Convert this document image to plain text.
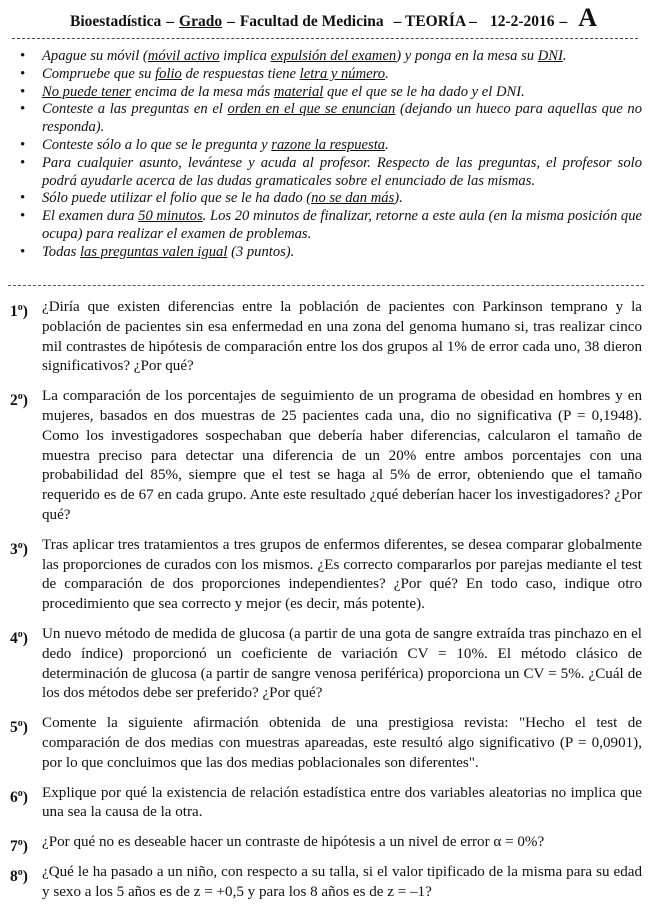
Bioestadística – Grado – Facultad de Medicina – TEORÍA – 12-2-2016 – A
• Apague su móvil (móvil activo implica expulsión del examen) y ponga en la mesa su DNI.
• Compruebe que su folio de respuestas tiene letra y número.
• No puede tener encima de la mesa más material que el que se le ha dado y el DNI.
• Conteste a las preguntas en el orden en el que se enuncian (dejando un hueco para aquellas que no responda).
• Conteste sólo a lo que se le pregunta y razone la respuesta.
• Para cualquier asunto, levántese y acuda al profesor. Respecto de las preguntas, el profesor solo podrá ayudarle acerca de las dudas gramaticales sobre el enunciado de las mismas.
• Sólo puede utilizar el folio que se le ha dado (no se dan más).
• El examen dura 50 minutos. Los 20 minutos de finalizar, retorne a este aula (en la misma posición que ocupa) para realizar el examen de problemas.
• Todas las preguntas valen igual (3 puntos).
1$^o$) ¿Diría que existen diferencias entre la población de pacientes con Parkinson temprano y la población de pacientes sin esa enfermedad en una zona del genoma humano si, tras realizar cinco mil contrastes de hipótesis de comparación entre los dos grupos al 1% de error cada uno, 38 dieron significativos? ¿Por qué?
2$^o$) La comparación de los porcentajes de seguimiento de un programa de obesidad en hombres y en mujeres, basados en dos muestras de 25 pacientes cada una, dio no significativa (P = 0,1948). Como los investigadores sospechaban que debería haber diferencias, calcularon el tamaño de muestra preciso para detectar una diferencia de un 20% entre ambos porcentajes con una probabilidad del 85%, siempre que el test se haga al 5% de error, obteniendo que el tamaño requerido es de 67 en cada grupo. Ante este resultado ¿qué deberían hacer los investigadores? ¿Por qué?
3$^o$) Tras aplicar tres tratamientos a tres grupos de enfermos diferentes, se desea comparar globalmente las proporciones de curados con los mismos. ¿Es correcto compararlos por parejas mediante el test de comparación de dos proporciones independientes? ¿Por qué? En todo caso, indique otro procedimiento que sea correcto y mejor (es decir, más potente).
4$^o$) Un nuevo método de medida de glucosa (a partir de una gota de sangre extraída tras pinchazo en el dedo índice) proporcionó un coeficiente de variación CV = 10%. El método clásico de determinación de glucosa (a partir de sangre venosa periférica) proporciona un CV = 5%. ¿Cuál de los dos métodos debe ser preferido? ¿Por qué?
5$^o$) Comente la siguiente afirmación obtenida de una prestigiosa revista: "Hecho el test de comparación de dos medias con muestras apareadas, este resultó algo significativo (P = 0,0901), por lo que concluimos que las dos medias poblacionales son diferentes".
6$^o$) Explique por qué la existencia de relación estadística entre dos variables aleatorias no implica que una sea la causa de la otra.
7$^o$) ¿Por qué no es deseable hacer un contraste de hipótesis a un nivel de error α = 0%?
8$^o$) ¿Qué le ha pasado a un niño, con respecto a su talla, si el valor tipificado de la misma para su edad y sexo a los 5 años es de z = +0,5 y para los 8 años es de z = –1?
